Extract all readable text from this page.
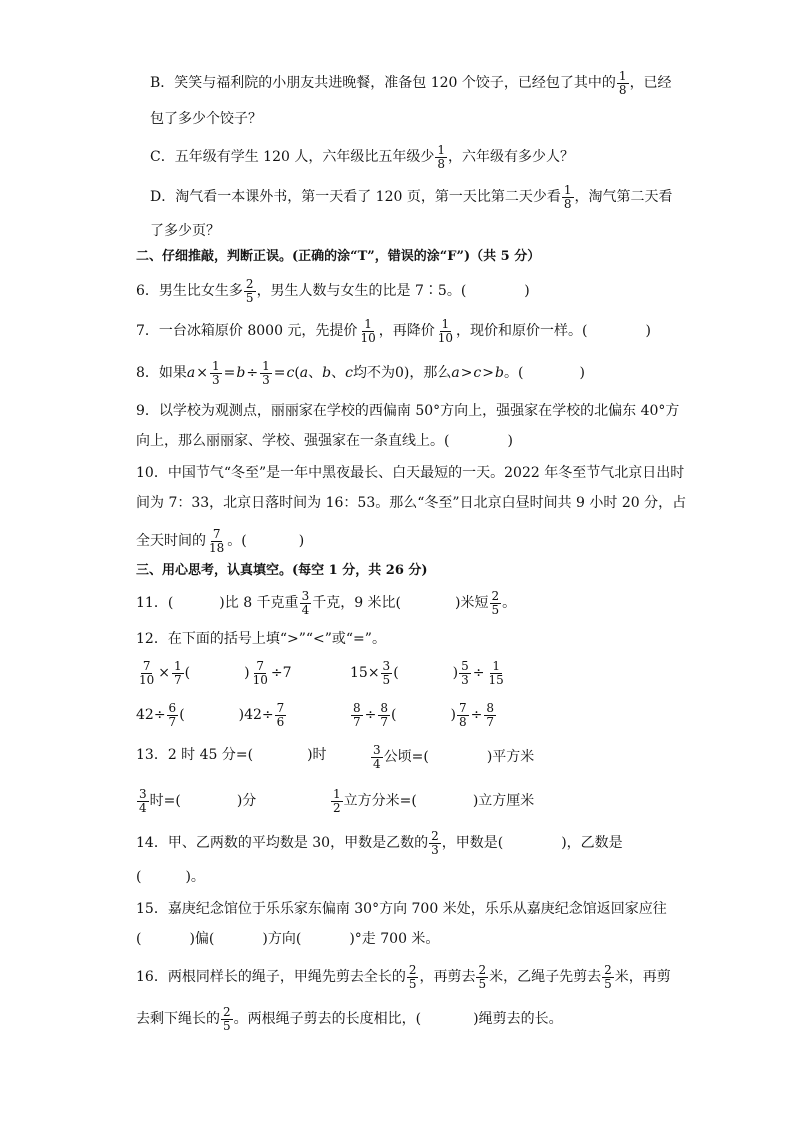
B．笑笑与福利院的小朋友共进晚餐，准备包 120 个饺子，已经包了其中的 $\frac{1}{8}$ ，已经
包了多少个饺子？
C．五年级有学生 120 人，六年级比五年级少 $\frac{1}{8}$ ，六年级有多少人？
D．淘气看一本课外书，第一天看了 120 页，第一天比第二天少看 $\frac{1}{8}$ ，淘气第二天看
了多少页？
二、仔细推敲，判断正误。(正确的涂“T”，错误的涂“F”)（共 5 分）
6．男生比女生多 $\frac{2}{5}$ ，男生人数与女生的比是 7∶5。(	)
7．一台冰箱原价 8000 元，先提价 $\frac{1}{10}$ ，再降价 $\frac{1}{10}$ ，现价和原价一样。(	)
8．如果$a\times \frac{1}{3} =b\div \frac{1}{3} =c(a$、b、c均不为0)，那么a>c>b。(	)
9．以学校为观测点，丽丽家在学校的西偏南 50°方向上，强强家在学校的北偏东 40°方
向上，那么丽丽家、学校、强强家在一条直线上。(	)
10．中国节气“冬至”是一年中黑夜最长、白天最短的一天。2022 年冬至节气北京日出时
间为 7：33，北京日落时间为 16：53。那么“冬至”日北京白昼时间共 9 小时 20 分，占
全天时间的 $\frac{7}{18}$ 。(	)
三、用心思考，认真填空。(每空 1 分，共 26 分)
11．(	)比 8 千克重 $\frac{3}{4}$ 千克，9 米比(	)米短 $\frac{2}{5}$ 。
12．在下面的括号上填“>”“<”或“=”。
$\frac{7}{10} \times \frac{1}{7}$ (	) $\frac{7}{10} \div 7$	$15\times \frac{3}{5}$ (	) $\frac{5}{3} \div \frac{1}{15}$
$42\div \frac{6}{7}$ (	)$42\div \frac{7}{6}$	$\frac{8}{7} \div \frac{8}{7}$ (	) $\frac{7}{8} \div \frac{8}{7}$
13．2 时 45 分=(	)时	$\frac{3}{4}$ 公顷=(	)平方米
$\frac{3}{4}$ 时=(	)分	$\frac{1}{2}$ 立方分米=(	)立方厘米
14．甲、乙两数的平均数是 30，甲数是乙数的 $\frac{2}{3}$ ，甲数是(	)，乙数是
(	)。
15．嘉庚纪念馆位于乐乐家东偏南 30°方向 700 米处，乐乐从嘉庚纪念馆返回家应往
(	)偏(	)方向(	)°走 700 米。
16．两根同样长的绳子，甲绳先剪去全长的 $\frac{2}{5}$ ，再剪去 $\frac{2}{5}$ 米，乙绳子先剪去 $\frac{2}{5}$ 米，再剪
去剩下绳长的 $\frac{2}{5}$ 。两根绳子剪去的长度相比，(	)绳剪去的长。
